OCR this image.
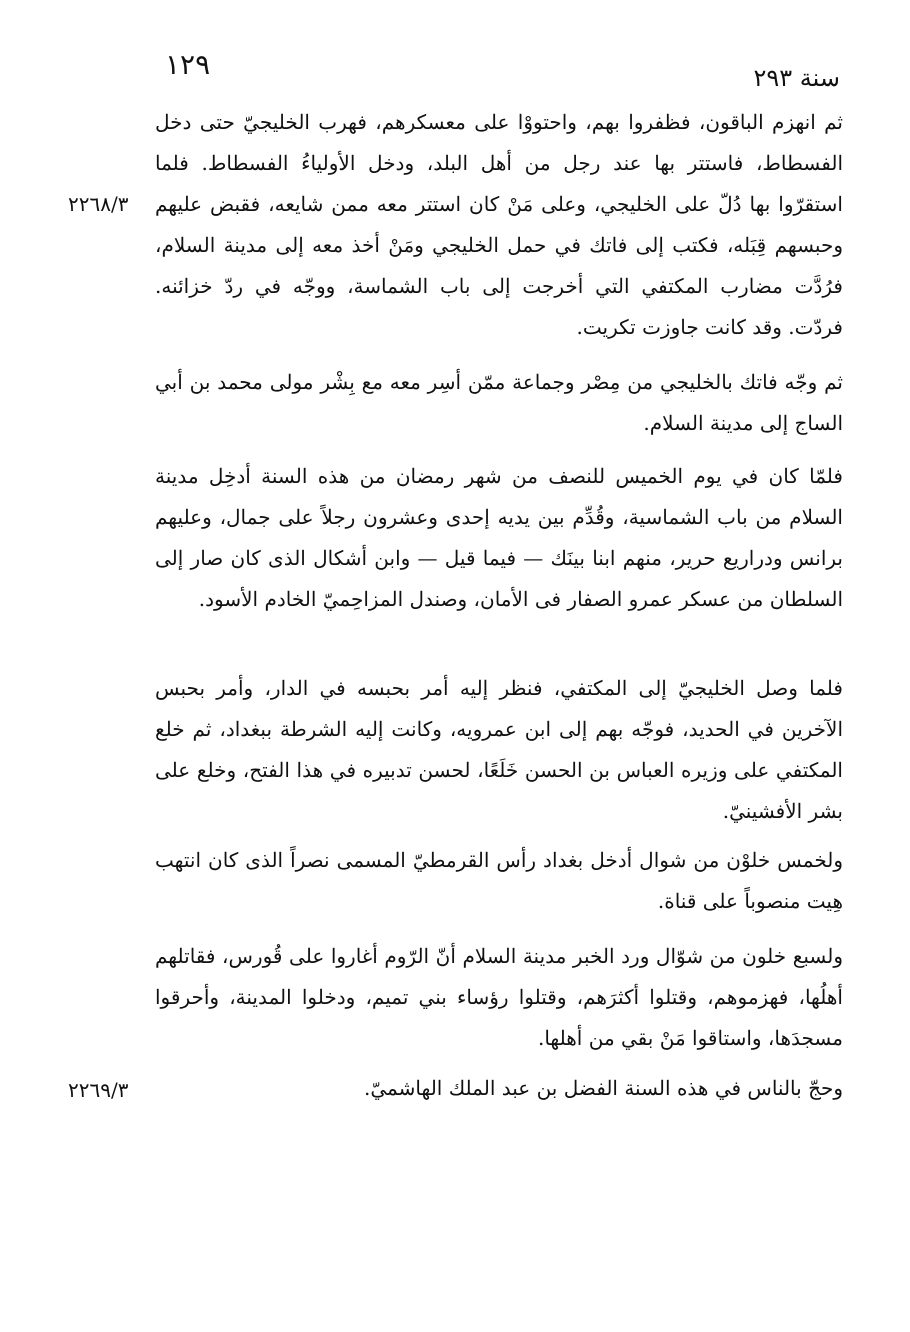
١٢٩	سنة ٢٩٣
٢٢٦٨/٣
٢٢٦٩/٣

ثم انهزم الباقون، فظفروا بهم، واحتووْا على معسكرهم، فهرب الخليجيّ حتى دخل الفسطاط، فاستتر بها عند رجل من أهل البلد، ودخل الأولياءُ الفسطاط. فلما استقرّوا بها دُلّ على الخليجي، وعلى مَنْ كان استتر معه ممن شايعه، فقبض عليهم وحبسهم قِبَله، فكتب إلى فاتك في حمل الخليجي ومَنْ أخذ معه إلى مدينة السلام، فرُدَّت مضارب المكتفي التي أخرجت إلى باب الشماسة، ووجّه في ردّ خزائنه. فردّت. وقد كانت جاوزت تكريت.

ثم وجّه فاتك بالخليجي من مِصْر وجماعة ممّن أسِر معه مع بِشْر مولى محمد بن أبي الساج إلى مدينة السلام.

فلمّا كان في يوم الخميس للنصف من شهر رمضان من هذه السنة أدخِل مدينة السلام من باب الشماسية، وقُدِّم بين يديه إحدى وعشرون رجلاً على جمال، وعليهم برانس ودراريع حرير، منهم ابنا بينَك — فيما قيل — وابن أشكال الذى كان صار إلى السلطان من عسكر عمرو الصفار فى الأمان، وصندل المزاحِميّ الخادم الأسود.

فلما وصل الخليجيّ إلى المكتفي، فنظر إليه أمر بحبسه في الدار، وأمر بحبس الآخرين في الحديد، فوجّه بهم إلى ابن عمرويه، وكانت إليه الشرطة ببغداد، ثم خلع المكتفي على وزيره العباس بن الحسن خَلَعًا، لحسن تدبيره في هذا الفتح، وخلع على بشر الأفشينيّ.

ولخمس خلوْن من شوال أدخل بغداد رأس القرمطيّ المسمى نصراً الذى كان انتهب هِيت منصوباً على قناة.

ولسبع خلون من شوّال ورد الخبر مدينة السلام أنّ الرّوم أغاروا على قُورس، فقاتلهم أهلُها، فهزموهم، وقتلوا أكثرَهم، وقتلوا رؤساء بني تميم، ودخلوا المدينة، وأحرقوا مسجدَها، واستاقوا مَنْ بقي من أهلها.

وحجّ بالناس في هذه السنة الفضل بن عبد الملك الهاشميّ.
